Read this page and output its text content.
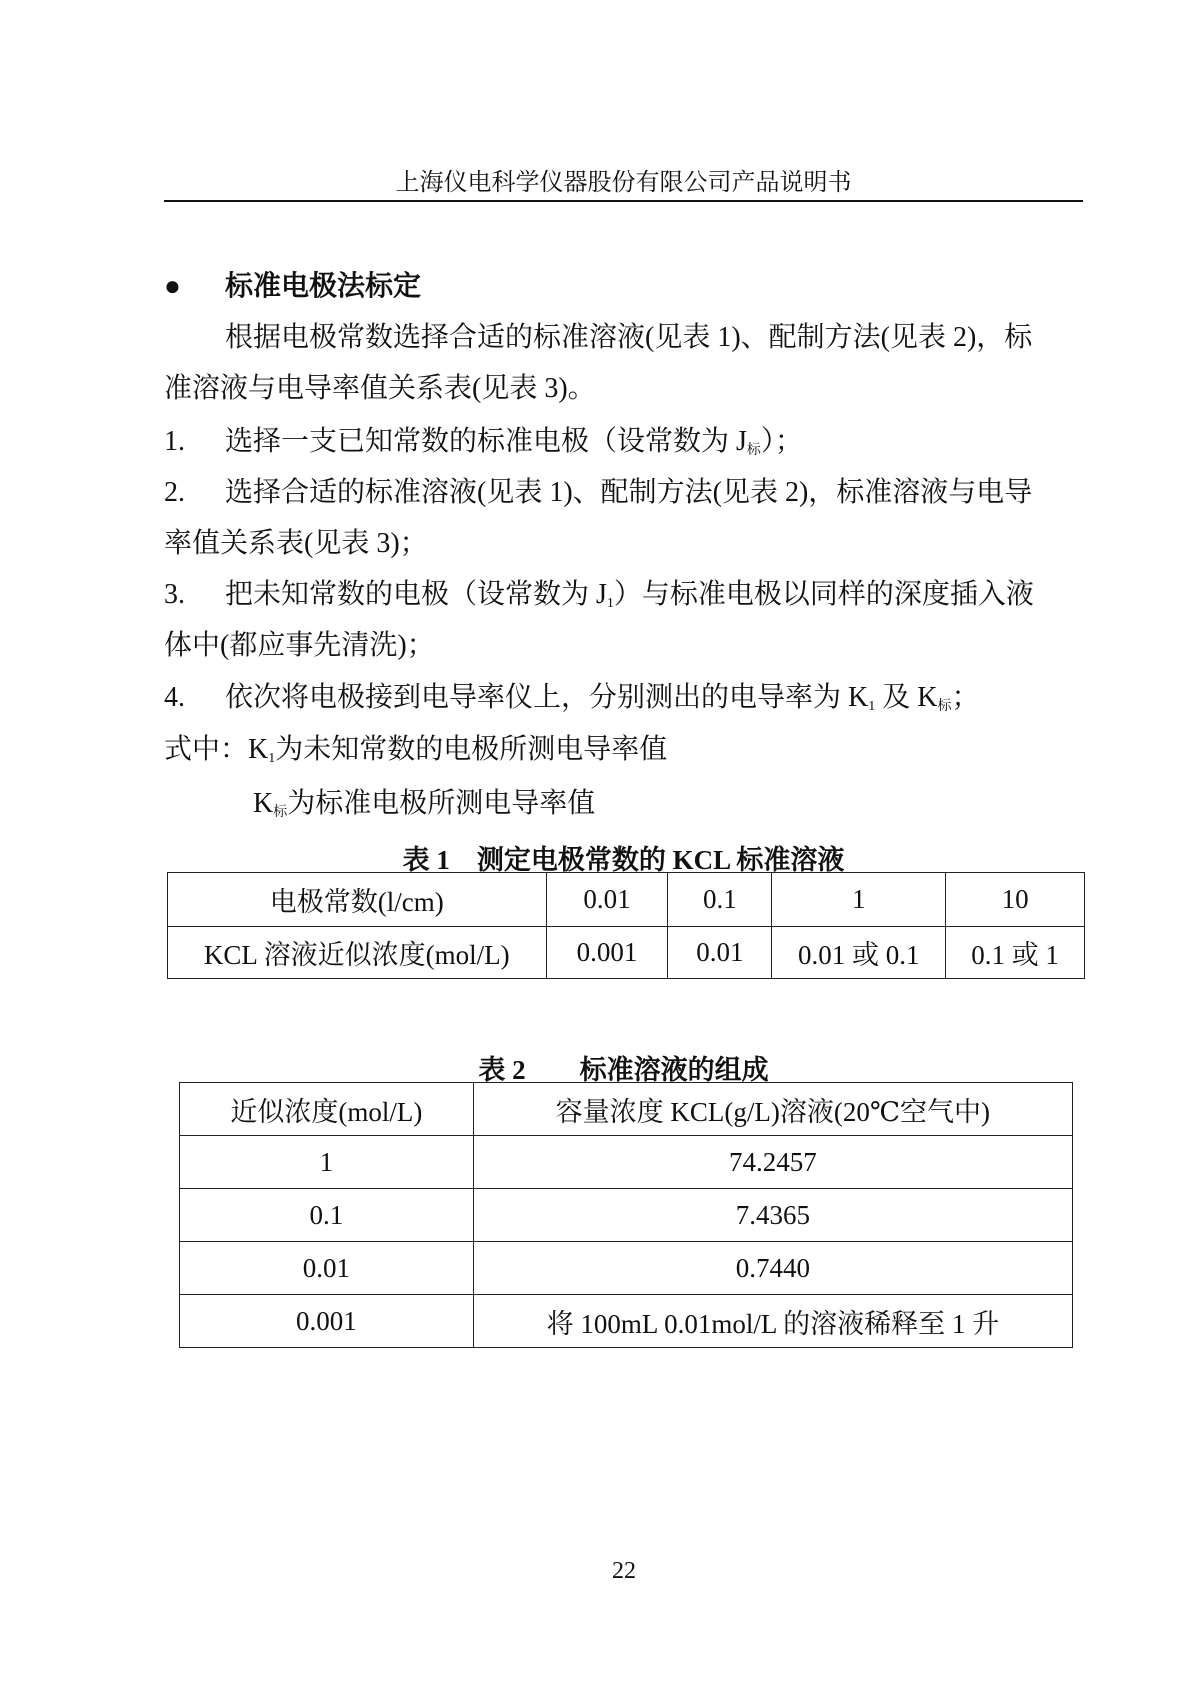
上海仪电科学仪器股份有限公司产品说明书
● 标准电极法标定
根据电极常数选择合适的标准溶液(见表 1)、配制方法(见表 2)，标
准溶液与电导率值关系表(见表 3)。
1. 选择一支已知常数的标准电极（设常数为 $J_标$）；
2. 选择合适的标准溶液(见表 1)、配制方法(见表 2)，标准溶液与电导
率值关系表(见表 3)；
3. 把未知常数的电极（设常数为 $J_1$）与标准电极以同样的深度插入液
体中(都应事先清洗)；
4. 依次将电极接到电导率仪上，分别测出的电导率为 $K_1$ 及 $K_标$；
式中：$K_1$为未知常数的电极所测电导率值
$K_标$为标准电极所测电导率值
表 1　测定电极常数的 KCL 标准溶液
电极常数(l/cm)	0.01	0.1	1	10
KCL 溶液近似浓度(mol/L)	0.001	0.01	0.01 或 0.1	0.1 或 1
表 2　　标准溶液的组成
近似浓度(mol/L)	容量浓度 KCL(g/L)溶液(20℃空气中)
1	74.2457
0.1	7.4365
0.01	0.7440
0.001	将 100mL 0.01mol/L 的溶液稀释至 1 升
22
